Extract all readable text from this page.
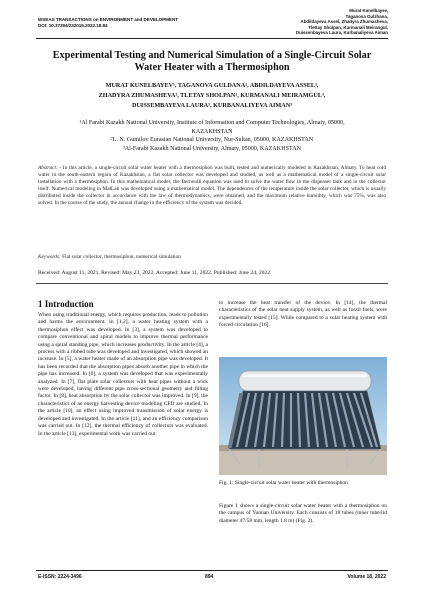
WSEAS TRANSACTIONS on ENVIRONMENT and DEVELOPMENT
DOI: 10.37394/232015.2022.18.84
Murat Kunelbayev,
Taganova Gulzhana,
Abdildayeva Assel, Zhadyra Zhumasheva,
Tlettay Sholpan, Kurmanali Meirangul,
Duissenbayeva Laura, Kurbanaliyeva Aiman
Experimental Testing and Numerical Simulation of a Single-Circuit Solar Water Heater with a Thermosiphon
MURAT KUNELBAYEV¹, TAGANOVA GULDANA², ABDILDAYEVA ASSEL³,
ZHADYRA ZHUMASHEVA³, TLETAY SHOLPAN³, KURMANALI MEIRAMGUL³,
DUISSEMBAYEVA LAURA³, KURBANALIYEVA AIMAN³
¹Al Farabi Kazakh National University, Institute of Information and Computer Technologies, Almaty, 05000, KAZAKHSTAN
²L. N. Gumilov Eurasian National University, Nur-Sultan, 05000, KAZAKHSTAN
³Al-Farabi Kazakh National University, Almaty, 05000, KAZAKHSTAN
Abstract: - In this article, a single-circuit solar water heater with a thermosiphon was built, tested and numerically modeled in Kazakhstan, Almaty. To heat cold water in the south-eastern region of Kazakhstan, a flat solar collector was developed and studied, as well as a mathematical model of a single-circuit solar installation with a thermosiphon. In this mathematical model, the Bernoulli equation was used to solve the water flow in the dispenser tank and in the collector itself. Numerical modeling in MatLab was developed using a mathematical model. The dependences of the temperature inside the solar collector, which is usually distributed inside the collector in accordance with the law of thermodynamics, were obtained, and the maximum relative humidity, which was 75%, was also solved. In the course of the study, the annual change in the efficiency of the system was decided.
Keywords: Flat solar collector, thermosiphon, numerical simulation
Received: August 11, 2021. Revised: May 23, 2022. Accepted: June 11, 2022. Published: June 24, 2022.
1 Introduction
When using traditional energy, which requires production, leads to pollution and harms the environment. In [1,2], a water heating system with a thermosiphon effect was developed. In [3], a system was developed to compare conventional and spiral models to improve thermal performance using a spiral standing pipe, which increases productivity. In the article [4], a process with a ribbed tube was developed and investigated, which showed an increase. In [5], a water heater made of an absorption pipe was developed. It has been recorded that the absorption pipes absorb another pipe in which the pipe has increased. In [6], a system was developed that was experimentally analyzed. In [7], flat plate solar collectors with heat pipes without a wick were developed, having different pipe cross-sectional geometry and filling factor. In [8], heat absorption by the solar collector was improved. In [9], the characteristics of an energy harvesting device modeling CFD are studied. In the article [10], an effect using improved transmission of solar energy is developed and investigated. In the article [11], and an efficiency comparison was carried out. In [12], the thermal efficiency of collectors was evaluated. In the article [13], experimental work was carried out
to increase the heat transfer of the device. In [14], the thermal characteristics of the solar heat supply system, as well as fossil fuels, were experimentally tested [15]. While compared to a solar heating system with forced circulation [16].
Fig. 1: Single-circuit solar water heater with thermosiphon
Figure 1 shows a single-circuit solar water heater with a thermosiphon on the campus of Yunnan University. Each consists of 18 tubes (inner tube/lid diameter 47/58 mm, length 1.8 m) (Fig. 2).
E-ISSN: 2224-3496	894	Volume 18, 2022
